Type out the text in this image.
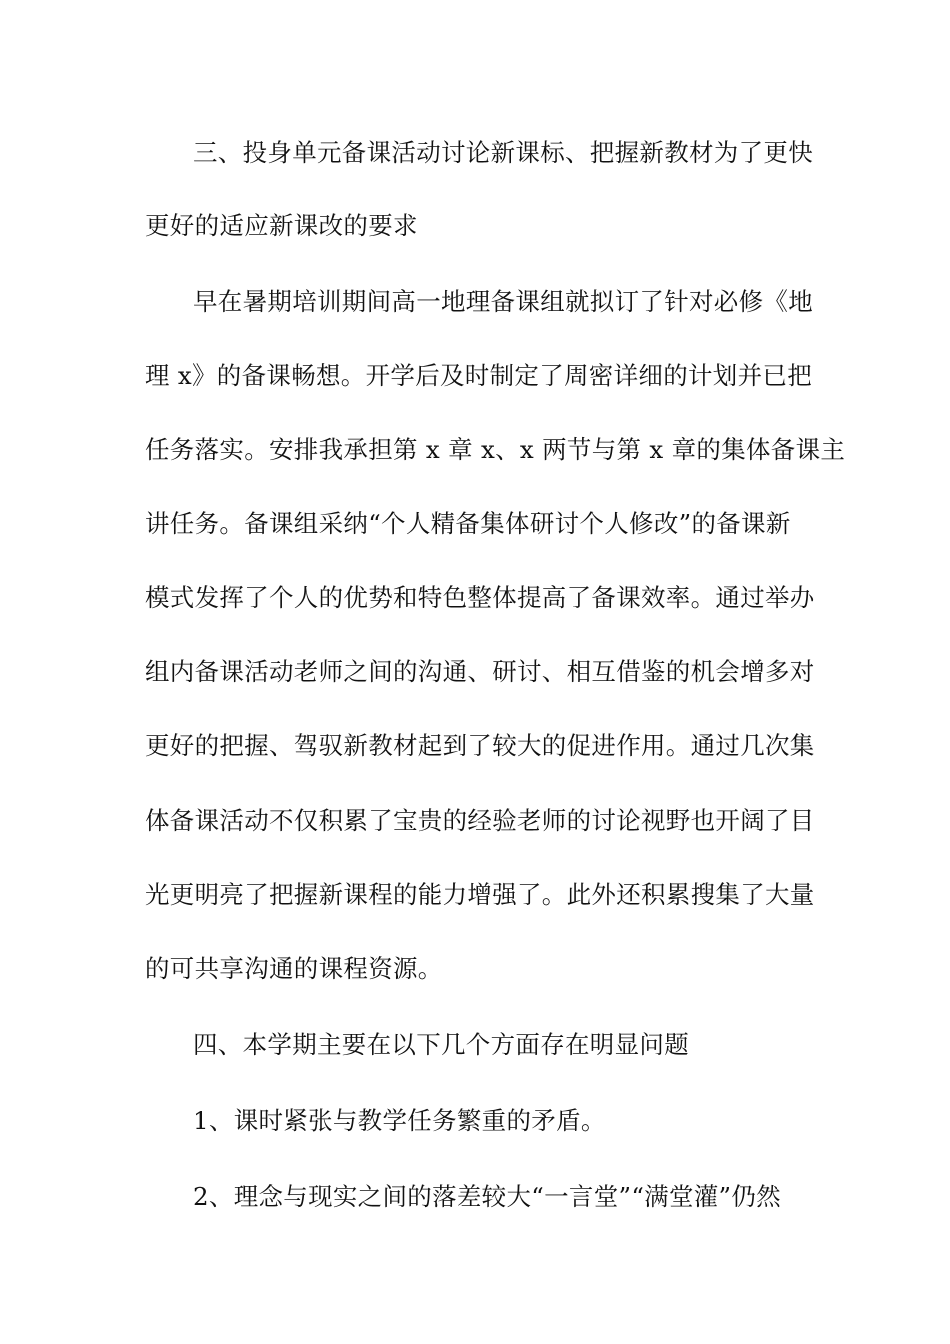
三、投身单元备课活动讨论新课标、把握新教材为了更快
更好的适应新课改的要求
早在暑期培训期间高一地理备课组就拟订了针对必修《地
理 x》的备课畅想。开学后及时制定了周密详细的计划并已把
任务落实。安排我承担第 x 章 x、x 两节与第 x 章的集体备课主
讲任务。备课组采纳“个人精备集体研讨个人修改”的备课新
模式发挥了个人的优势和特色整体提高了备课效率。通过举办
组内备课活动老师之间的沟通、研讨、相互借鉴的机会增多对
更好的把握、驾驭新教材起到了较大的促进作用。通过几次集
体备课活动不仅积累了宝贵的经验老师的讨论视野也开阔了目
光更明亮了把握新课程的能力增强了。此外还积累搜集了大量
的可共享沟通的课程资源。
四、本学期主要在以下几个方面存在明显问题
1、课时紧张与教学任务繁重的矛盾。
2、理念与现实之间的落差较大“一言堂”“满堂灌”仍然
